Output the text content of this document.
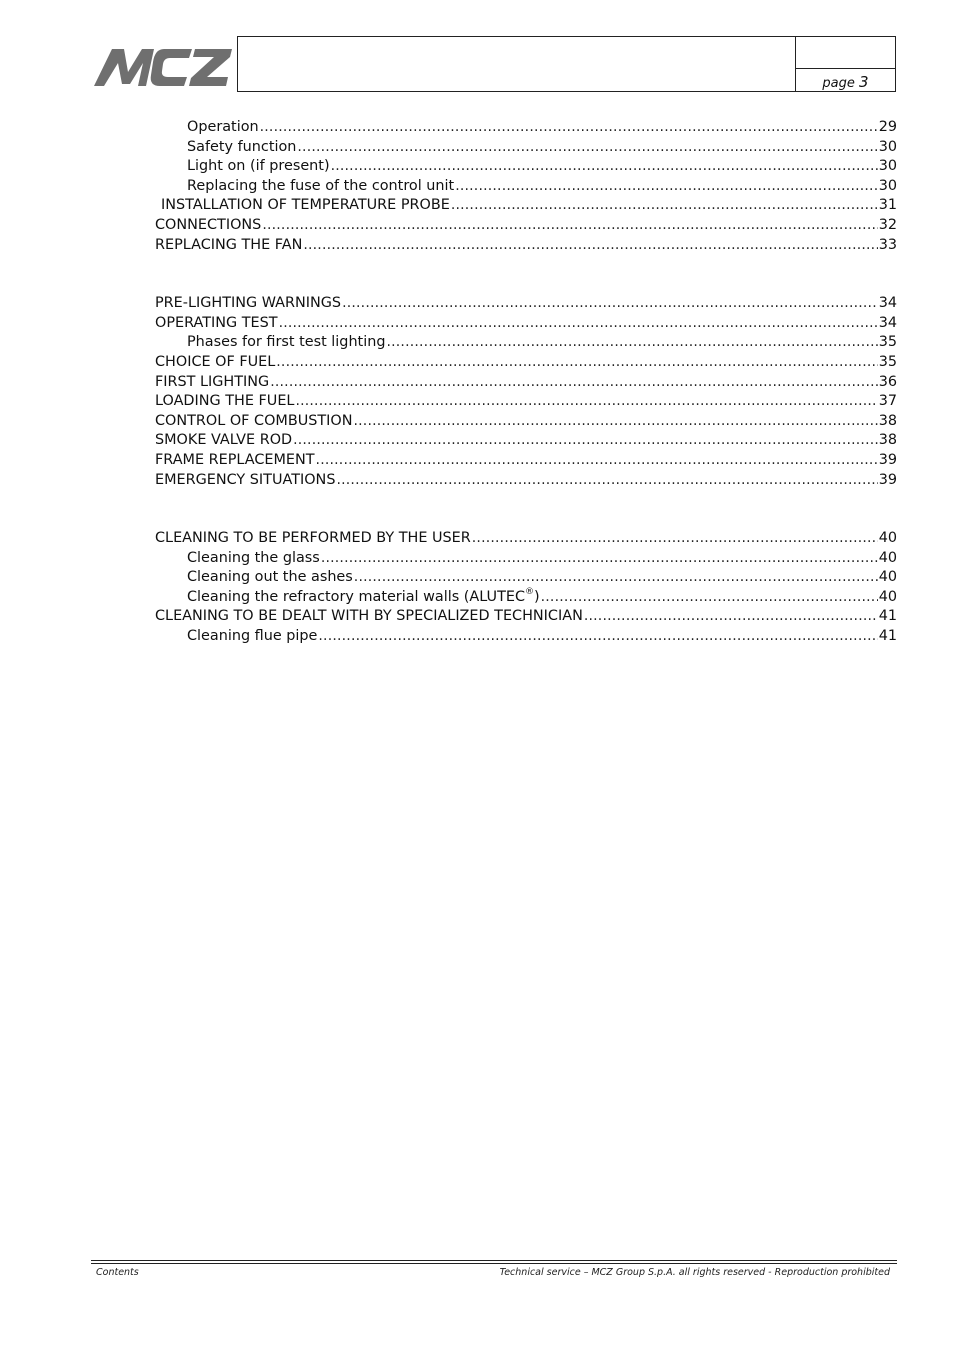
page 3
Operation .....	29
Safety function .....	30
Light on (if present) .....	30
Replacing the fuse of the control unit .....	30
INSTALLATION OF TEMPERATURE PROBE .....	31
CONNECTIONS .....	32
REPLACING THE FAN .....	33
PRE-LIGHTING WARNINGS .....	34
OPERATING TEST .....	34
Phases for first test lighting .....	35
CHOICE OF FUEL .....	35
FIRST LIGHTING .....	36
LOADING THE FUEL .....	37
CONTROL OF COMBUSTION .....	38
SMOKE VALVE ROD .....	38
FRAME REPLACEMENT .....	39
EMERGENCY SITUATIONS .....	39
CLEANING TO BE PERFORMED BY THE USER .....	40
Cleaning the glass .....	40
Cleaning out the ashes .....	40
Cleaning the refractory material walls (ALUTEC®) .....	40
CLEANING TO BE DEALT WITH BY SPECIALIZED TECHNICIAN .....	41
Cleaning flue pipe .....	41
Contents	Technical service – MCZ Group S.p.A. all rights reserved - Reproduction prohibited
